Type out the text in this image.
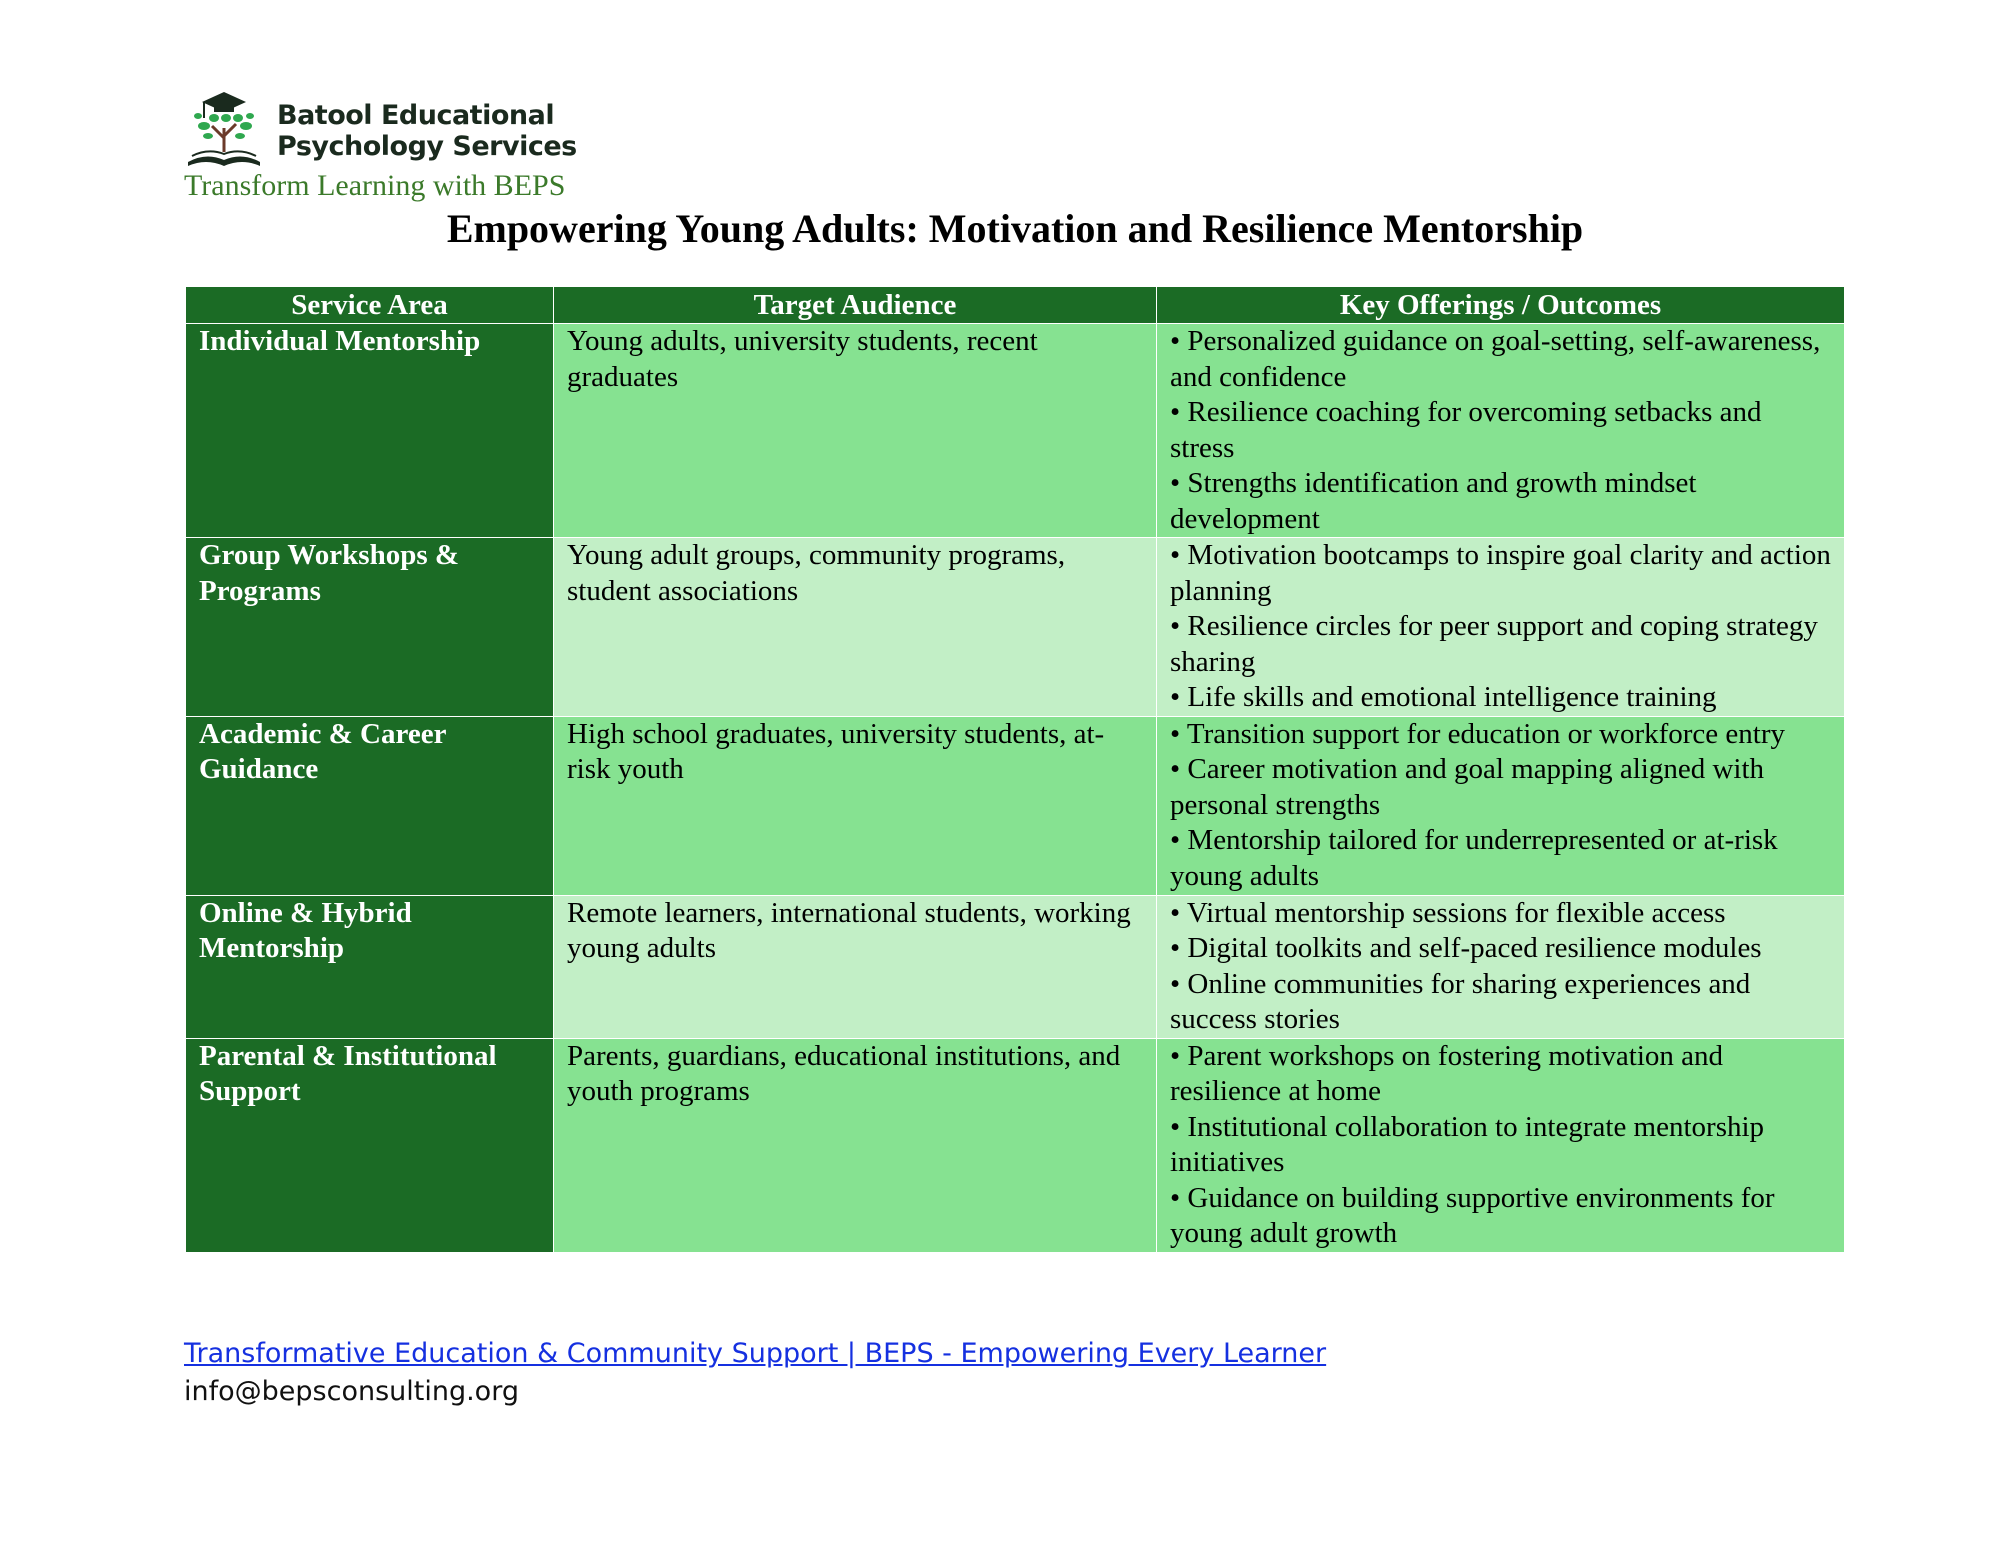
Batool Educational
Psychology Services
Transform Learning with BEPS
Empowering Young Adults: Motivation and Resilience Mentorship
Service Area	Target Audience	Key Offerings / Outcomes
Individual Mentorship	Young adults, university students, recent graduates	• Personalized guidance on goal-setting, self-awareness, and confidence
• Resilience coaching for overcoming setbacks and stress
• Strengths identification and growth mindset development

Group Workshops & Programs	Young adult groups, community programs, student associations	• Motivation bootcamps to inspire goal clarity and action planning
• Resilience circles for peer support and coping strategy sharing
• Life skills and emotional intelligence training

Academic & Career Guidance	High school graduates, university students, at-risk youth	• Transition support for education or workforce entry
• Career motivation and goal mapping aligned with personal strengths
• Mentorship tailored for underrepresented or at-risk young adults

Online & Hybrid Mentorship	Remote learners, international students, working young adults	• Virtual mentorship sessions for flexible access
• Digital toolkits and self-paced resilience modules
• Online communities for sharing experiences and success stories

Parental & Institutional Support	Parents, guardians, educational institutions, and youth programs	• Parent workshops on fostering motivation and resilience at home
• Institutional collaboration to integrate mentorship initiatives
• Guidance on building supportive environments for young adult growth
Transformative Education & Community Support | BEPS - Empowering Every Learner
info@bepsconsulting.org
